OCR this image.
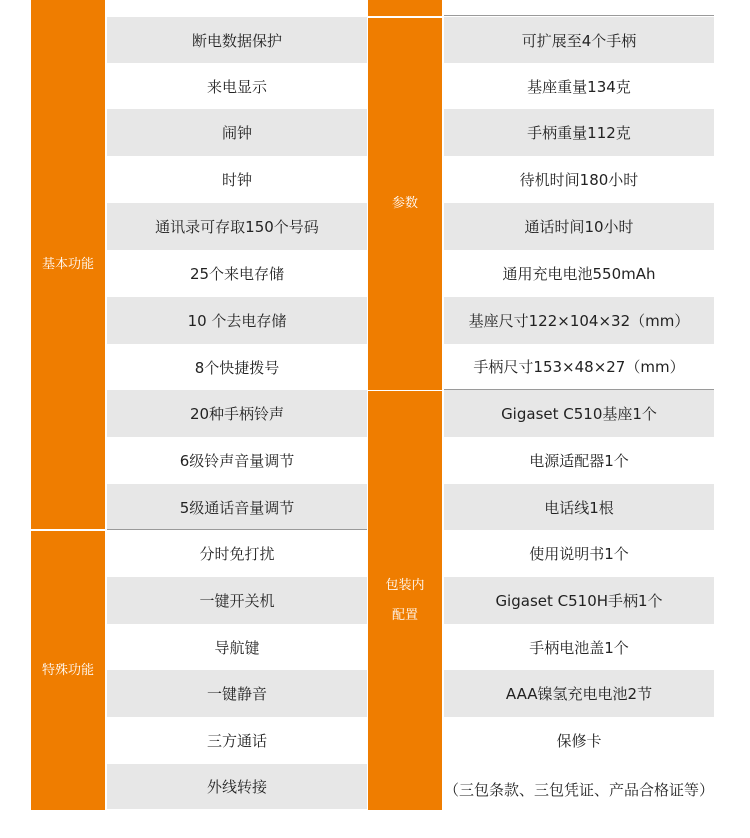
基本功能
特殊功能
断电数据保护
来电显示
闹钟
时钟
通讯录可存取150个号码
25个来电存储
10 个去电存储
8个快捷拨号
20种手柄铃声
6级铃声音量调节
5级通话音量调节
分时免打扰
一键开关机
导航键
一键静音
三方通话
外线转接
参数
包装内
配置
可扩展至4个手柄
基座重量134克
手柄重量112克
待机时间180小时
通话时间10小时
通用充电电池550mAh
基座尺寸122×104×32（mm）
手柄尺寸153×48×27（mm）
Gigaset C510基座1个
电源适配器1个
电话线1根
使用说明书1个
Gigaset C510H手柄1个
手柄电池盖1个
AAA镍氢充电电池2节
保修卡
（三包条款、三包凭证、产品合格证等）
